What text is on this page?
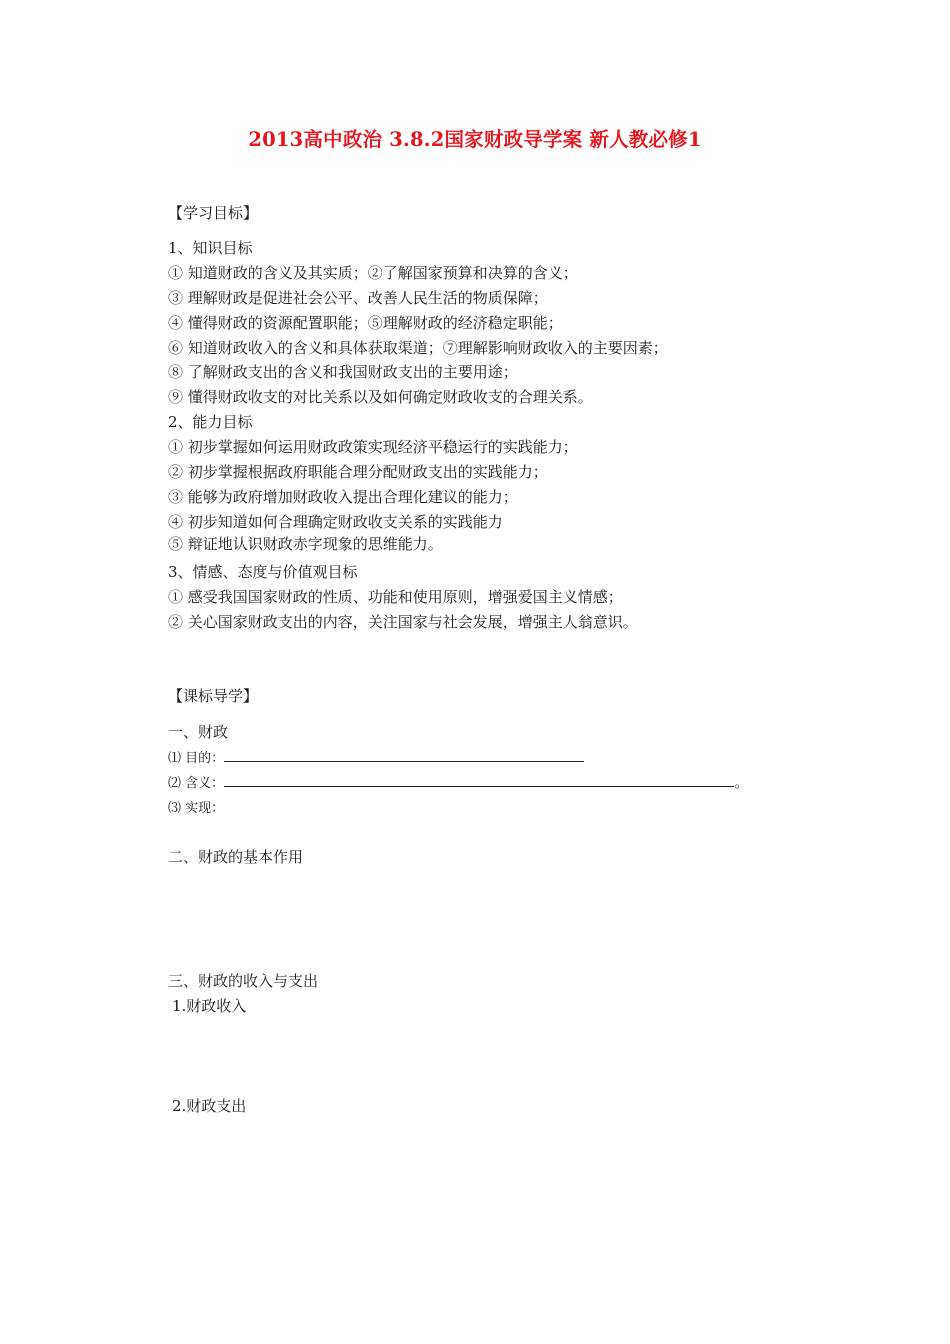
2013高中政治 3.8.2国家财政导学案 新人教必修1
【学习目标】
1、知识目标
① 知道财政的含义及其实质；②了解国家预算和决算的含义；
③ 理解财政是促进社会公平、改善人民生活的物质保障；
④ 懂得财政的资源配置职能；⑤理解财政的经济稳定职能；
⑥ 知道财政收入的含义和具体获取渠道；⑦理解影响财政收入的主要因素；
⑧ 了解财政支出的含义和我国财政支出的主要用途；
⑨ 懂得财政收支的对比关系以及如何确定财政收支的合理关系。
2、能力目标
① 初步掌握如何运用财政政策实现经济平稳运行的实践能力；
② 初步掌握根据政府职能合理分配财政支出的实践能力；
③ 能够为政府增加财政收入提出合理化建议的能力；
④ 初步知道如何合理确定财政收支关系的实践能力
⑤ 辩证地认识财政赤字现象的思维能力。
3、情感、态度与价值观目标
① 感受我国国家财政的性质、功能和使用原则，增强爱国主义情感；
② 关心国家财政支出的内容，关注国家与社会发展，增强主人翁意识。
【课标导学】
一、财政
⑴ 目的：
⑵ 含义：	。
⑶ 实现：
二、财政的基本作用
三、财政的收入与支出
1.财政收入
2.财政支出
